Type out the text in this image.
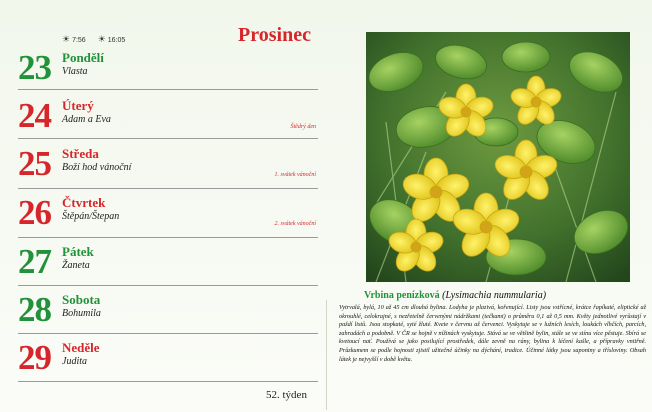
☀ 7:56 ☀ 16:05	Prosinec
23 Pondělí
Vlasta
24 Úterý
Adam a Eva
Štědrý den
25 Středa
Boží hod vánoční
1. svátek vánoční
26 Čtvrtek
Štěpán/Štepan
2. svátek vánoční
27 Pátek
Žaneta
28 Sobota
Bohumila
29 Neděle
Judita
52. týden
Vrbina penízková (Lysimachia nummularia)
Vytrvalá, bylá, 10 až 45 cm dlouhá bylina. Lodyha je plazivá, kořenující. Listy jsou vstřícné, krátce řapíkaté, eliptické až okrouhlé, celokrajné, s nezřetelně červenými nádržkami (tečkami) o průměru 0,1 až 0,5 mm. Květy jednotlivé vyrůstají v paždí listů. Jsou stopkaté, syté žluté. Kvete v červnu až červenci. Vyskytuje se v lužních lesích, loukách vlhčích, parcích, zahradách a podobně. V ČR se hojně v nížinách vyskytuje. Stává se ve většině bylin, stále se ve stínu více pěstuje. Sbírá se kvetoucí nať. Používá se jako posilující prostředek, dále zevně na rány, bylina k léčení kašle, a přípravky vnitřně. Průzkumem se podle hojnosti zjistil užitečné účinky na dýchání, tradice. Účinné látky jsou saponiny a třísloviny. Obsah látek je nejvyšší v době květu.
